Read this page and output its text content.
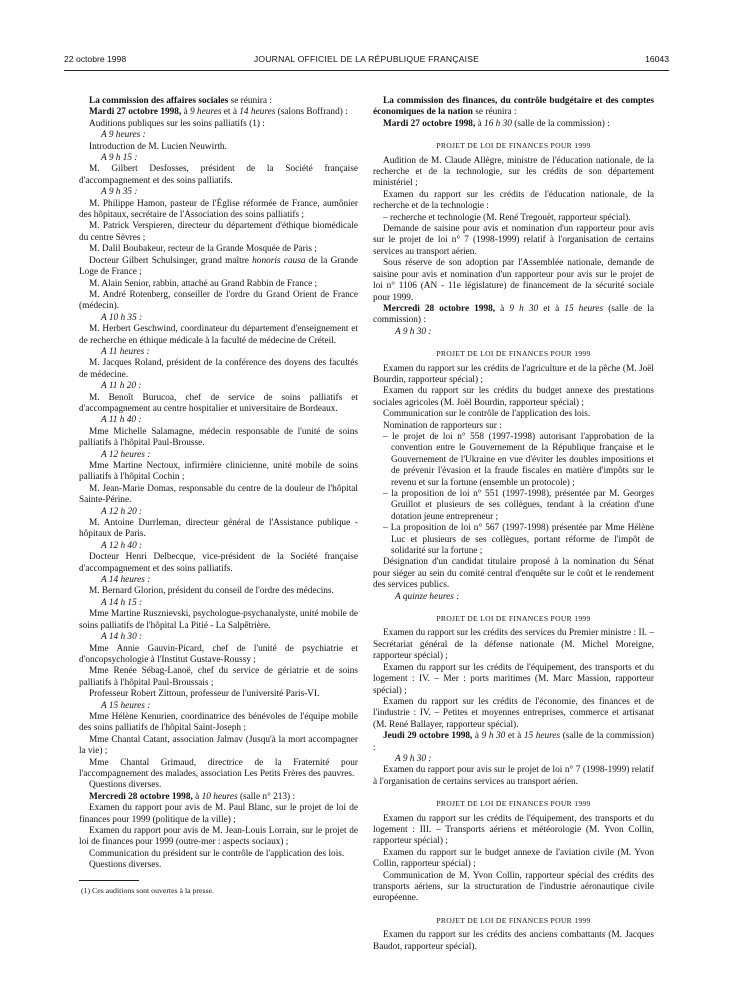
22 octobre 1998	JOURNAL OFFICIEL DE LA RÉPUBLIQUE FRANÇAISE	16043

La commission des affaires sociales se réunira :

Mardi 27 octobre 1998, à 9 heures et à 14 heures (salons Boffrand) :

Auditions publiques sur les soins palliatifs (1) :

A 9 heures :

Introduction de M. Lucien Neuwirth.

A 9 h 15 :

M. Gilbert Desfosses, président de la Société française d'accompagnement et des soins palliatifs.

A 9 h 35 :

M. Philippe Hamon, pasteur de l'Église réformée de France, aumônier des hôpitaux, secrétaire de l'Association des soins palliatifs ;

M. Patrick Verspieren, directeur du département d'éthique biomédicale du centre Sèvres ;

M. Dalil Boubakeur, recteur de la Grande Mosquée de Paris ;

Docteur Gilbert Schulsinger, grand maître honoris causa de la Grande Loge de France ;

M. Alain Senior, rabbin, attaché au Grand Rabbin de France ;

M. André Rotenberg, conseiller de l'ordre du Grand Orient de France (médecin).

A 10 h 35 :

M. Herbert Geschwind, coordinateur du département d'enseignement et de recherche en éthique médicale à la faculté de médecine de Créteil.

A 11 heures :

M. Jacques Roland, président de la conférence des doyens des facultés de médecine.

A 11 h 20 :

M. Benoît Burucoa, chef de service de soins palliatifs et d'accompagnement au centre hospitalier et universitaire de Bordeaux.

A 11 h 40 :

Mme Michelle Salamagne, médecin responsable de l'unité de soins palliatifs à l'hôpital Paul-Brousse.

A 12 heures :

Mme Martine Nectoux, infirmière clinicienne, unité mobile de soins palliatifs à l'hôpital Cochin ;

M. Jean-Marie Domas, responsable du centre de la douleur de l'hôpital Sainte-Périne.

A 12 h 20 :

M. Antoine Durrleman, directeur général de l'Assistance publique - hôpitaux de Paris.

A 12 h 40 :

Docteur Henri Delbecque, vice-président de la Société française d'accompagnement et des soins palliatifs.

A 14 heures :

M. Bernard Glorion, président du conseil de l'ordre des médecins.

A 14 h 15 :

Mme Martine Rusznievski, psychologue-psychanalyste, unité mobile de soins palliatifs de l'hôpital La Pitié - La Salpêtrière.

A 14 h 30 :

Mme Annie Gauvin-Picard, chef de l'unité de psychiatrie et d'oncopsychologie à l'Institut Gustave-Roussy ;

Mme Renée Sébag-Lanoë, chef du service de gériatrie et de soins palliatifs à l'hôpital Paul-Broussais ;

Professeur Robert Zittoun, professeur de l'université Paris-VI.

A 15 heures :

Mme Hélène Kenurien, coordinatrice des bénévoles de l'équipe mobile des soins palliatifs de l'hôpital Saint-Joseph ;

Mme Chantal Catant, association Jalmav (Jusqu'à la mort accompagner la vie) ;

Mme Chantal Grimaud, directrice de la Fraternité pour l'accompagnement des malades, association Les Petits Frères des pauvres.

Questions diverses.

Mercredi 28 octobre 1998, à 10 heures (salle n° 213) :

Examen du rapport pour avis de M. Paul Blanc, sur le projet de loi de finances pour 1999 (politique de la ville) ;

Examen du rapport pour avis de M. Jean-Louis Lorrain, sur le projet de loi de finances pour 1999 (outre-mer : aspects sociaux) ;

Communication du président sur le contrôle de l'application des lois.

Questions diverses.

(1) Ces auditions sont ouvertes à la presse.

La commission des finances, du contrôle budgétaire et des comptes économiques de la nation se réunira :

Mardi 27 octobre 1998, à 16 h 30 (salle de la commission) :

PROJET DE LOI DE FINANCES POUR 1999

Audition de M. Claude Allègre, ministre de l'éducation nationale, de la recherche et de la technologie, sur les crédits de son département ministériel ;

Examen du rapport sur les crédits de l'éducation nationale, de la recherche et de la technologie :

– recherche et technologie (M. René Tregouët, rapporteur spécial).

Demande de saisine pour avis et nomination d'un rapporteur pour avis sur le projet de loi n° 7 (1998-1999) relatif à l'organisation de certains services au transport aérien.

Sous réserve de son adoption par l'Assemblée nationale, demande de saisine pour avis et nomination d'un rapporteur pour avis sur le projet de loi n° 1106 (AN - 11e législature) de financement de la sécurité sociale pour 1999.

Mercredi 28 octobre 1998, à 9 h 30 et à 15 heures (salle de la commission) :

A 9 h 30 :

PROJET DE LOI DE FINANCES POUR 1999

Examen du rapport sur les crédits de l'agriculture et de la pêche (M. Joël Bourdin, rapporteur spécial) ;

Examen du rapport sur les crédits du budget annexe des prestations sociales agricoles (M. Joël Bourdin, rapporteur spécial) ;

Communication sur le contrôle de l'application des lois.

Nomination de rapporteurs sur :

– le projet de loi n° 558 (1997-1998) autorisant l'approbation de la convention entre le Gouvernement de la République française et le Gouvernement de l'Ukraine en vue d'éviter les doubles impositions et de prévenir l'évasion et la fraude fiscales en matière d'impôts sur le revenu et sur la fortune (ensemble un protocole) ;

– la proposition de loi n° 551 (1997-1998), présentée par M. Georges Gruillot et plusieurs de ses collègues, tendant à la création d'une dotation jeune entrepreneur ;

– La proposition de loi n° 567 (1997-1998) présentée par Mme Hélène Luc et plusieurs de ses collègues, portant réforme de l'impôt de solidarité sur la fortune ;

Désignation d'un candidat titulaire proposé à la nomination du Sénat pour siéger au sein du comité central d'enquête sur le coût et le rendement des services publics.

A quinze heures :

PROJET DE LOI DE FINANCES POUR 1999

Examen du rapport sur les crédits des services du Premier ministre : II. – Secrétariat général de la défense nationale (M. Michel Moreigne, rapporteur spécial) ;

Examen du rapport sur les crédits de l'équipement, des transports et du logement : IV. – Mer : ports maritimes (M. Marc Massion, rapporteur spécial) ;

Examen du rapport sur les crédits de l'économie, des finances et de l'industrie : IV. – Petites et moyennes entreprises, commerce et artisanat (M. René Ballayer, rapporteur spécial).

Jeudi 29 octobre 1998, à 9 h 30 et à 15 heures (salle de la commission) :

A 9 h 30 :

Examen du rapport pour avis sur le projet de loi n° 7 (1998-1999) relatif à l'organisation de certains services au transport aérien.

PROJET DE LOI DE FINANCES POUR 1999

Examen du rapport sur les crédits de l'équipement, des transports et du logement : III. – Transports aériens et météorologie (M. Yvon Collin, rapporteur spécial) ;

Examen du rapport sur le budget annexe de l'aviation civile (M. Yvon Collin, rapporteur spécial) ;

Communication de M. Yvon Collin, rapporteur spécial des crédits des transports aériens, sur la structuration de l'industrie aéronautique civile européenne.

PROJET DE LOI DE FINANCES POUR 1999

Examen du rapport sur les crédits des anciens combattants (M. Jacques Baudot, rapporteur spécial).
